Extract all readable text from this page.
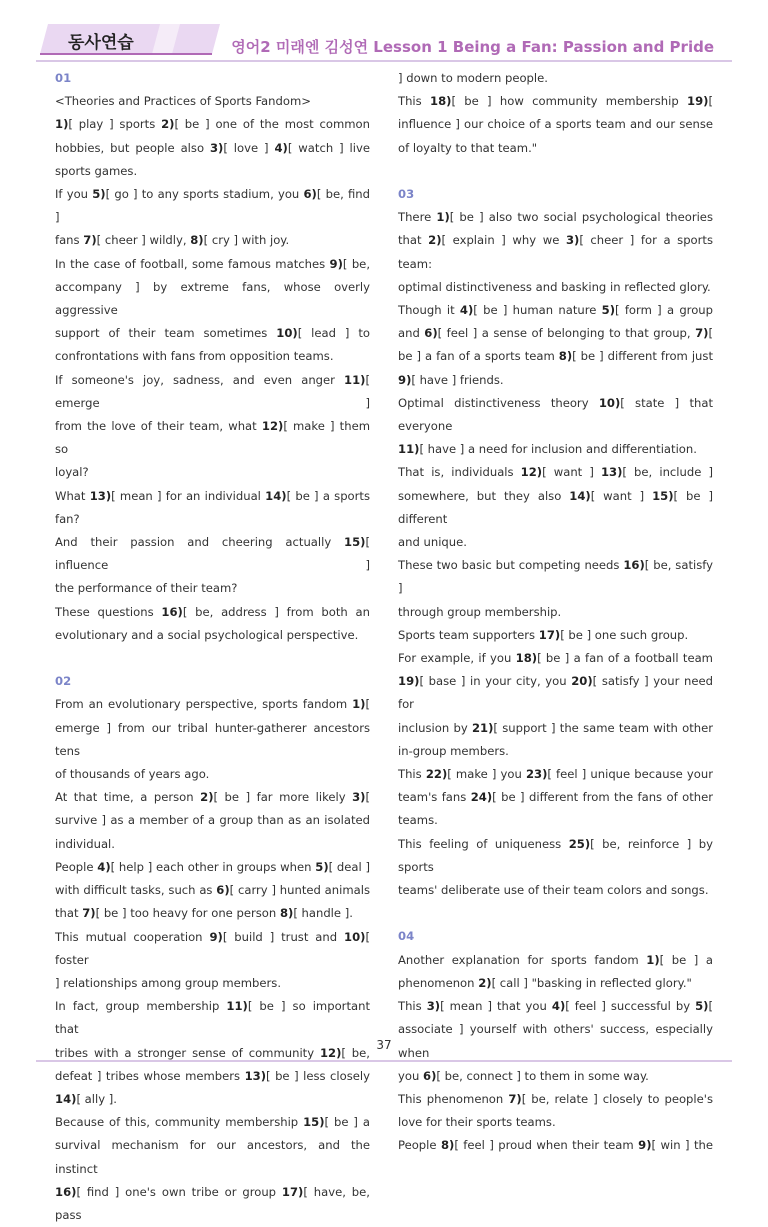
동사연습	영어2 미래엔 김성연 Lesson 1 Being a Fan: Passion and Pride
01
<Theories and Practices of Sports Fandom>
1)[ play ] sports 2)[ be ] one of the most common
hobbies, but people also 3)[ love ] 4)[ watch ] live
sports games.
If you 5)[ go ] to any sports stadium, you 6)[ be, find ]
fans 7)[ cheer ] wildly, 8)[ cry ] with joy.
In the case of football, some famous matches 9)[ be,
accompany ] by extreme fans, whose overly aggressive
support of their team sometimes 10)[ lead ] to
confrontations with fans from opposition teams.
If someone's joy, sadness, and even anger 11)[ emerge ]
from the love of their team, what 12)[ make ] them so
loyal?
What 13)[ mean ] for an individual 14)[ be ] a sports
fan?
And their passion and cheering actually 15)[ influence ]
the performance of their team?
These questions 16)[ be, address ] from both an
evolutionary and a social psychological perspective.
02
From an evolutionary perspective, sports fandom 1)[
emerge ] from our tribal hunter-gatherer ancestors tens
of thousands of years ago.
At that time, a person 2)[ be ] far more likely 3)[
survive ] as a member of a group than as an isolated
individual.
People 4)[ help ] each other in groups when 5)[ deal ]
with difficult tasks, such as 6)[ carry ] hunted animals
that 7)[ be ] too heavy for one person 8)[ handle ].
This mutual cooperation 9)[ build ] trust and 10)[ foster
] relationships among group members.
In fact, group membership 11)[ be ] so important that
tribes with a stronger sense of community 12)[ be,
defeat ] tribes whose members 13)[ be ] less closely
14)[ ally ].
Because of this, community membership 15)[ be ] a
survival mechanism for our ancestors, and the instinct
16)[ find ] one's own tribe or group 17)[ have, be, pass
] down to modern people.
This 18)[ be ] how community membership 19)[
influence ] our choice of a sports team and our sense
of loyalty to that team."
03
There 1)[ be ] also two social psychological theories
that 2)[ explain ] why we 3)[ cheer ] for a sports team:
optimal distinctiveness and basking in reflected glory.
Though it 4)[ be ] human nature 5)[ form ] a group
and 6)[ feel ] a sense of belonging to that group, 7)[
be ] a fan of a sports team 8)[ be ] different from just
9)[ have ] friends.
Optimal distinctiveness theory 10)[ state ] that everyone
11)[ have ] a need for inclusion and differentiation.
That is, individuals 12)[ want ] 13)[ be, include ]
somewhere, but they also 14)[ want ] 15)[ be ] different
and unique.
These two basic but competing needs 16)[ be, satisfy ]
through group membership.
Sports team supporters 17)[ be ] one such group.
For example, if you 18)[ be ] a fan of a football team
19)[ base ] in your city, you 20)[ satisfy ] your need for
inclusion by 21)[ support ] the same team with other
in-group members.
This 22)[ make ] you 23)[ feel ] unique because your
team's fans 24)[ be ] different from the fans of other
teams.
This feeling of uniqueness 25)[ be, reinforce ] by sports
teams' deliberate use of their team colors and songs.
04
Another explanation for sports fandom 1)[ be ] a
phenomenon 2)[ call ] "basking in reflected glory."
This 3)[ mean ] that you 4)[ feel ] successful by 5)[
associate ] yourself with others' success, especially when
you 6)[ be, connect ] to them in some way.
This phenomenon 7)[ be, relate ] closely to people's
love for their sports teams.
People 8)[ feel ] proud when their team 9)[ win ] the
37
